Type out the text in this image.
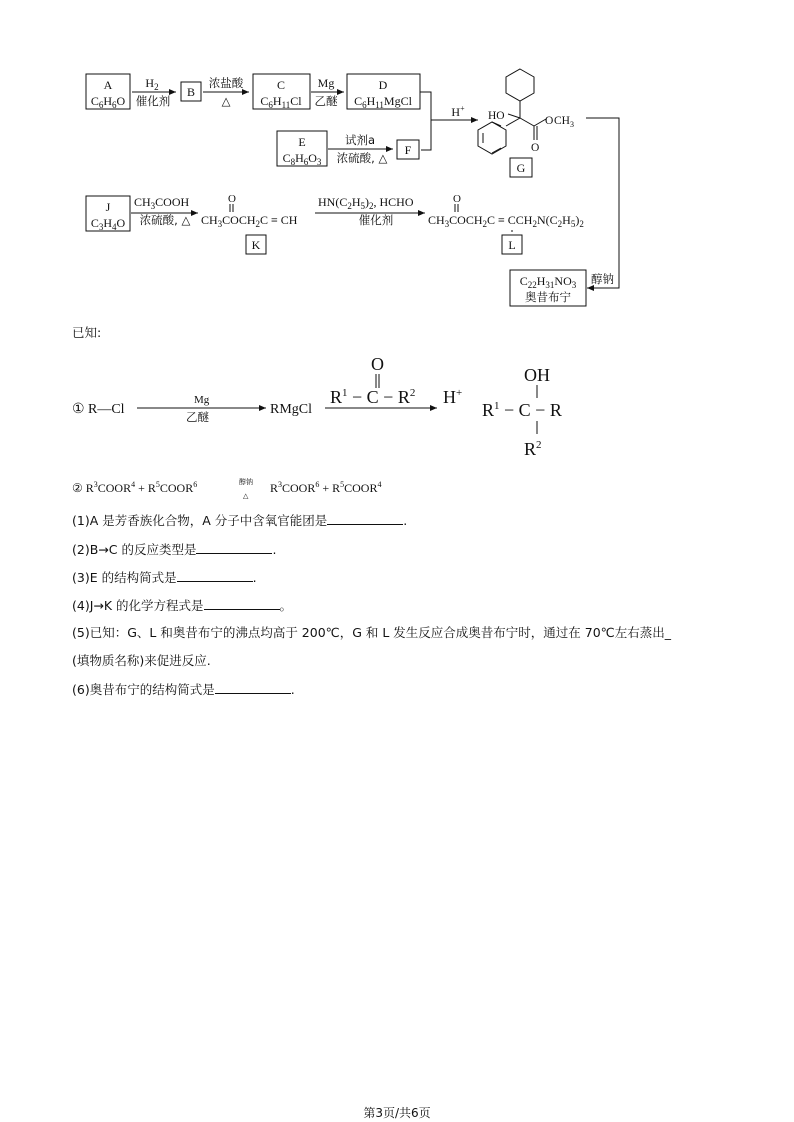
A
$C_6H_6O$
$H_2$
催化剂
B
浓盐酸
△
C
$C_6H_{11}Cl$
Mg
乙醚
D
$C_6H_{11}MgCl$
H+
E
$C_8H_6O_3$
试剂a
浓硫酸, △
F
HO
O
O $CH_3$
G
J
$C_3H_4O$
$CH_3COOH$
浓硫酸, △
O
$CH_3COCH_2C$ ≡ CH
K
$HN(C_2H_5)_2$, HCHO
催化剂
O
$CH_3COCH_2C \equiv CCH_2N(C_2H_5)_2$
L
$C_{22}H_{31}NO_3$
奥昔布宁
醇钠
① R—Cl
Mg
乙醚	RMgCl
$R^1 - C - R^2$
O
H+
$R^1 - C - R$
OH
$R^2$
② $R^3COOR^4$ + $R^5COOR^6$	醇钠
△
$R^3COOR^6$ + $R^5COOR^4$
已知:
(1)A 是芳香族化合物，A 分子中含氧官能团是	.
(2)B→C 的反应类型是	.
(3)E 的结构简式是	.
(4)J→K 的化学方程式是	。
(5)已知：G、L 和奥昔布宁的沸点均高于 200℃，G 和 L 发生反应合成奥昔布宁时，通过在 70℃左右蒸出_
(填物质名称)来促进反应.
(6)奥昔布宁的结构简式是	.
第3页/共6页
